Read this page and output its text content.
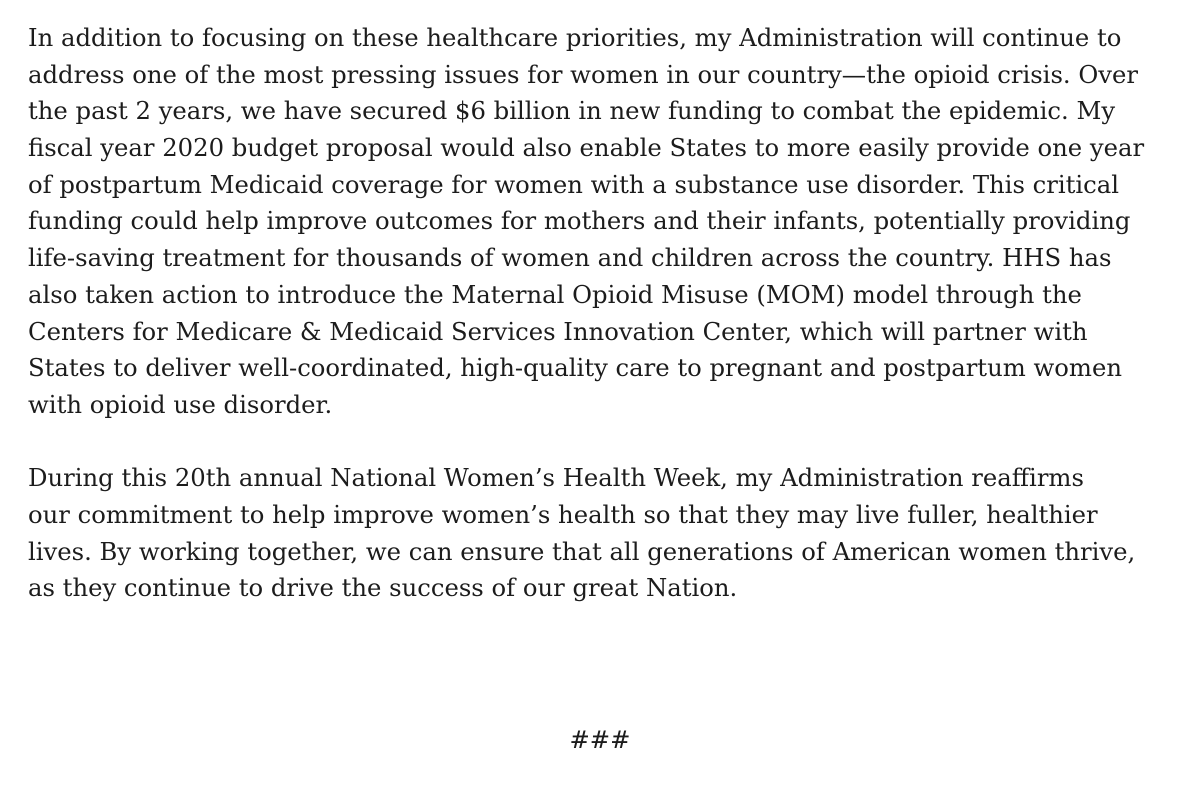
In addition to focusing on these healthcare priorities, my Administration will continue to
address one of the most pressing issues for women in our country—the opioid crisis. Over
the past 2 years, we have secured $6 billion in new funding to combat the epidemic. My
fiscal year 2020 budget proposal would also enable States to more easily provide one year
of postpartum Medicaid coverage for women with a substance use disorder. This critical
funding could help improve outcomes for mothers and their infants, potentially providing
life-saving treatment for thousands of women and children across the country. HHS has
also taken action to introduce the Maternal Opioid Misuse (MOM) model through the
Centers for Medicare & Medicaid Services Innovation Center, which will partner with
States to deliver well-coordinated, high-quality care to pregnant and postpartum women
with opioid use disorder.

During this 20th annual National Women’s Health Week, my Administration reaffirms
our commitment to help improve women’s health so that they may live fuller, healthier
lives. By working together, we can ensure that all generations of American women thrive,
as they continue to drive the success of our great Nation.

###
